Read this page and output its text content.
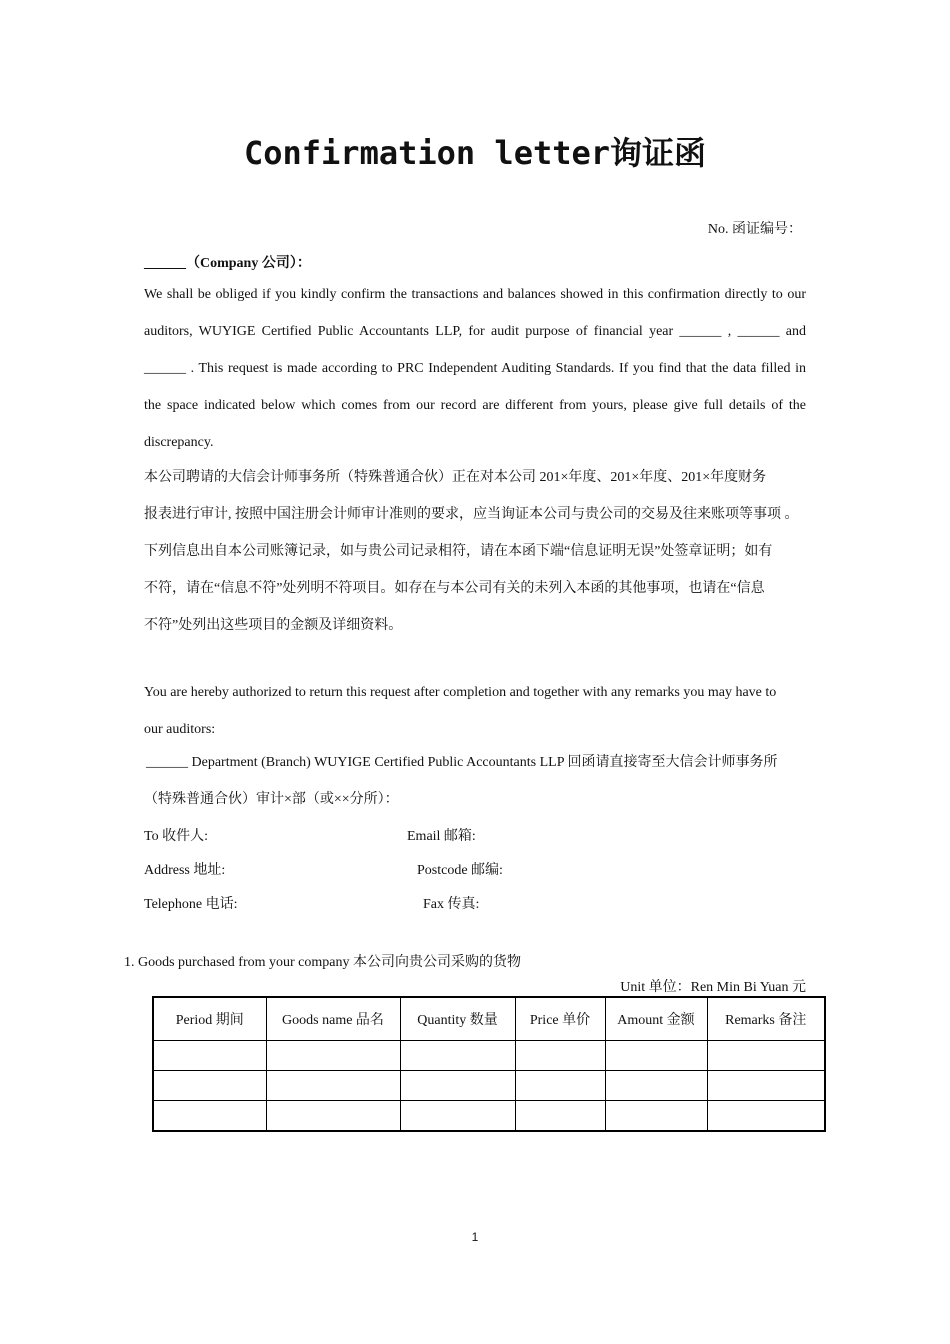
Confirmation letter询证函
No. 函证编号：
______（Company 公司）：
We shall be obliged if you kindly confirm the transactions and balances showed in this confirmation directly to our
auditors, WUYIGE Certified Public Accountants LLP, for audit purpose of financial year ______ , ______ and
______ . This request is made according to PRC Independent Auditing Standards. If you find that the data filled in
the space indicated below which comes from our record are different from yours, please give full details of the
discrepancy.
本公司聘请的大信会计师事务所（特殊普通合伙）正在对本公司 201×年度、201×年度、201×年度财务
报表进行审计, 按照中国注册会计师审计准则的要求，应当询证本公司与贵公司的交易及往来账项等事项 。
下列信息出自本公司账簿记录，如与贵公司记录相符，请在本函下端“信息证明无误”处签章证明；如有
不符，请在“信息不符”处列明不符项目。如存在与本公司有关的未列入本函的其他事项，也请在“信息
不符”处列出这些项目的金额及详细资料。
You are hereby authorized to return this request after completion and together with any remarks you may have to
our auditors:
______ Department (Branch) WUYIGE Certified Public Accountants LLP 回函请直接寄至大信会计师事务所
（特殊普通合伙）审计×部（或××分所）：
To 收件人:	Email 邮箱:
Address 地址:	Postcode 邮编:
Telephone 电话:	Fax 传真:
1. Goods purchased from your company 本公司向贵公司采购的货物
Unit 单位：Ren Min Bi Yuan 元
Period 期间	Goods name 品名	Quantity 数量	Price 单价	Amount 金额	Remarks 备注

1
